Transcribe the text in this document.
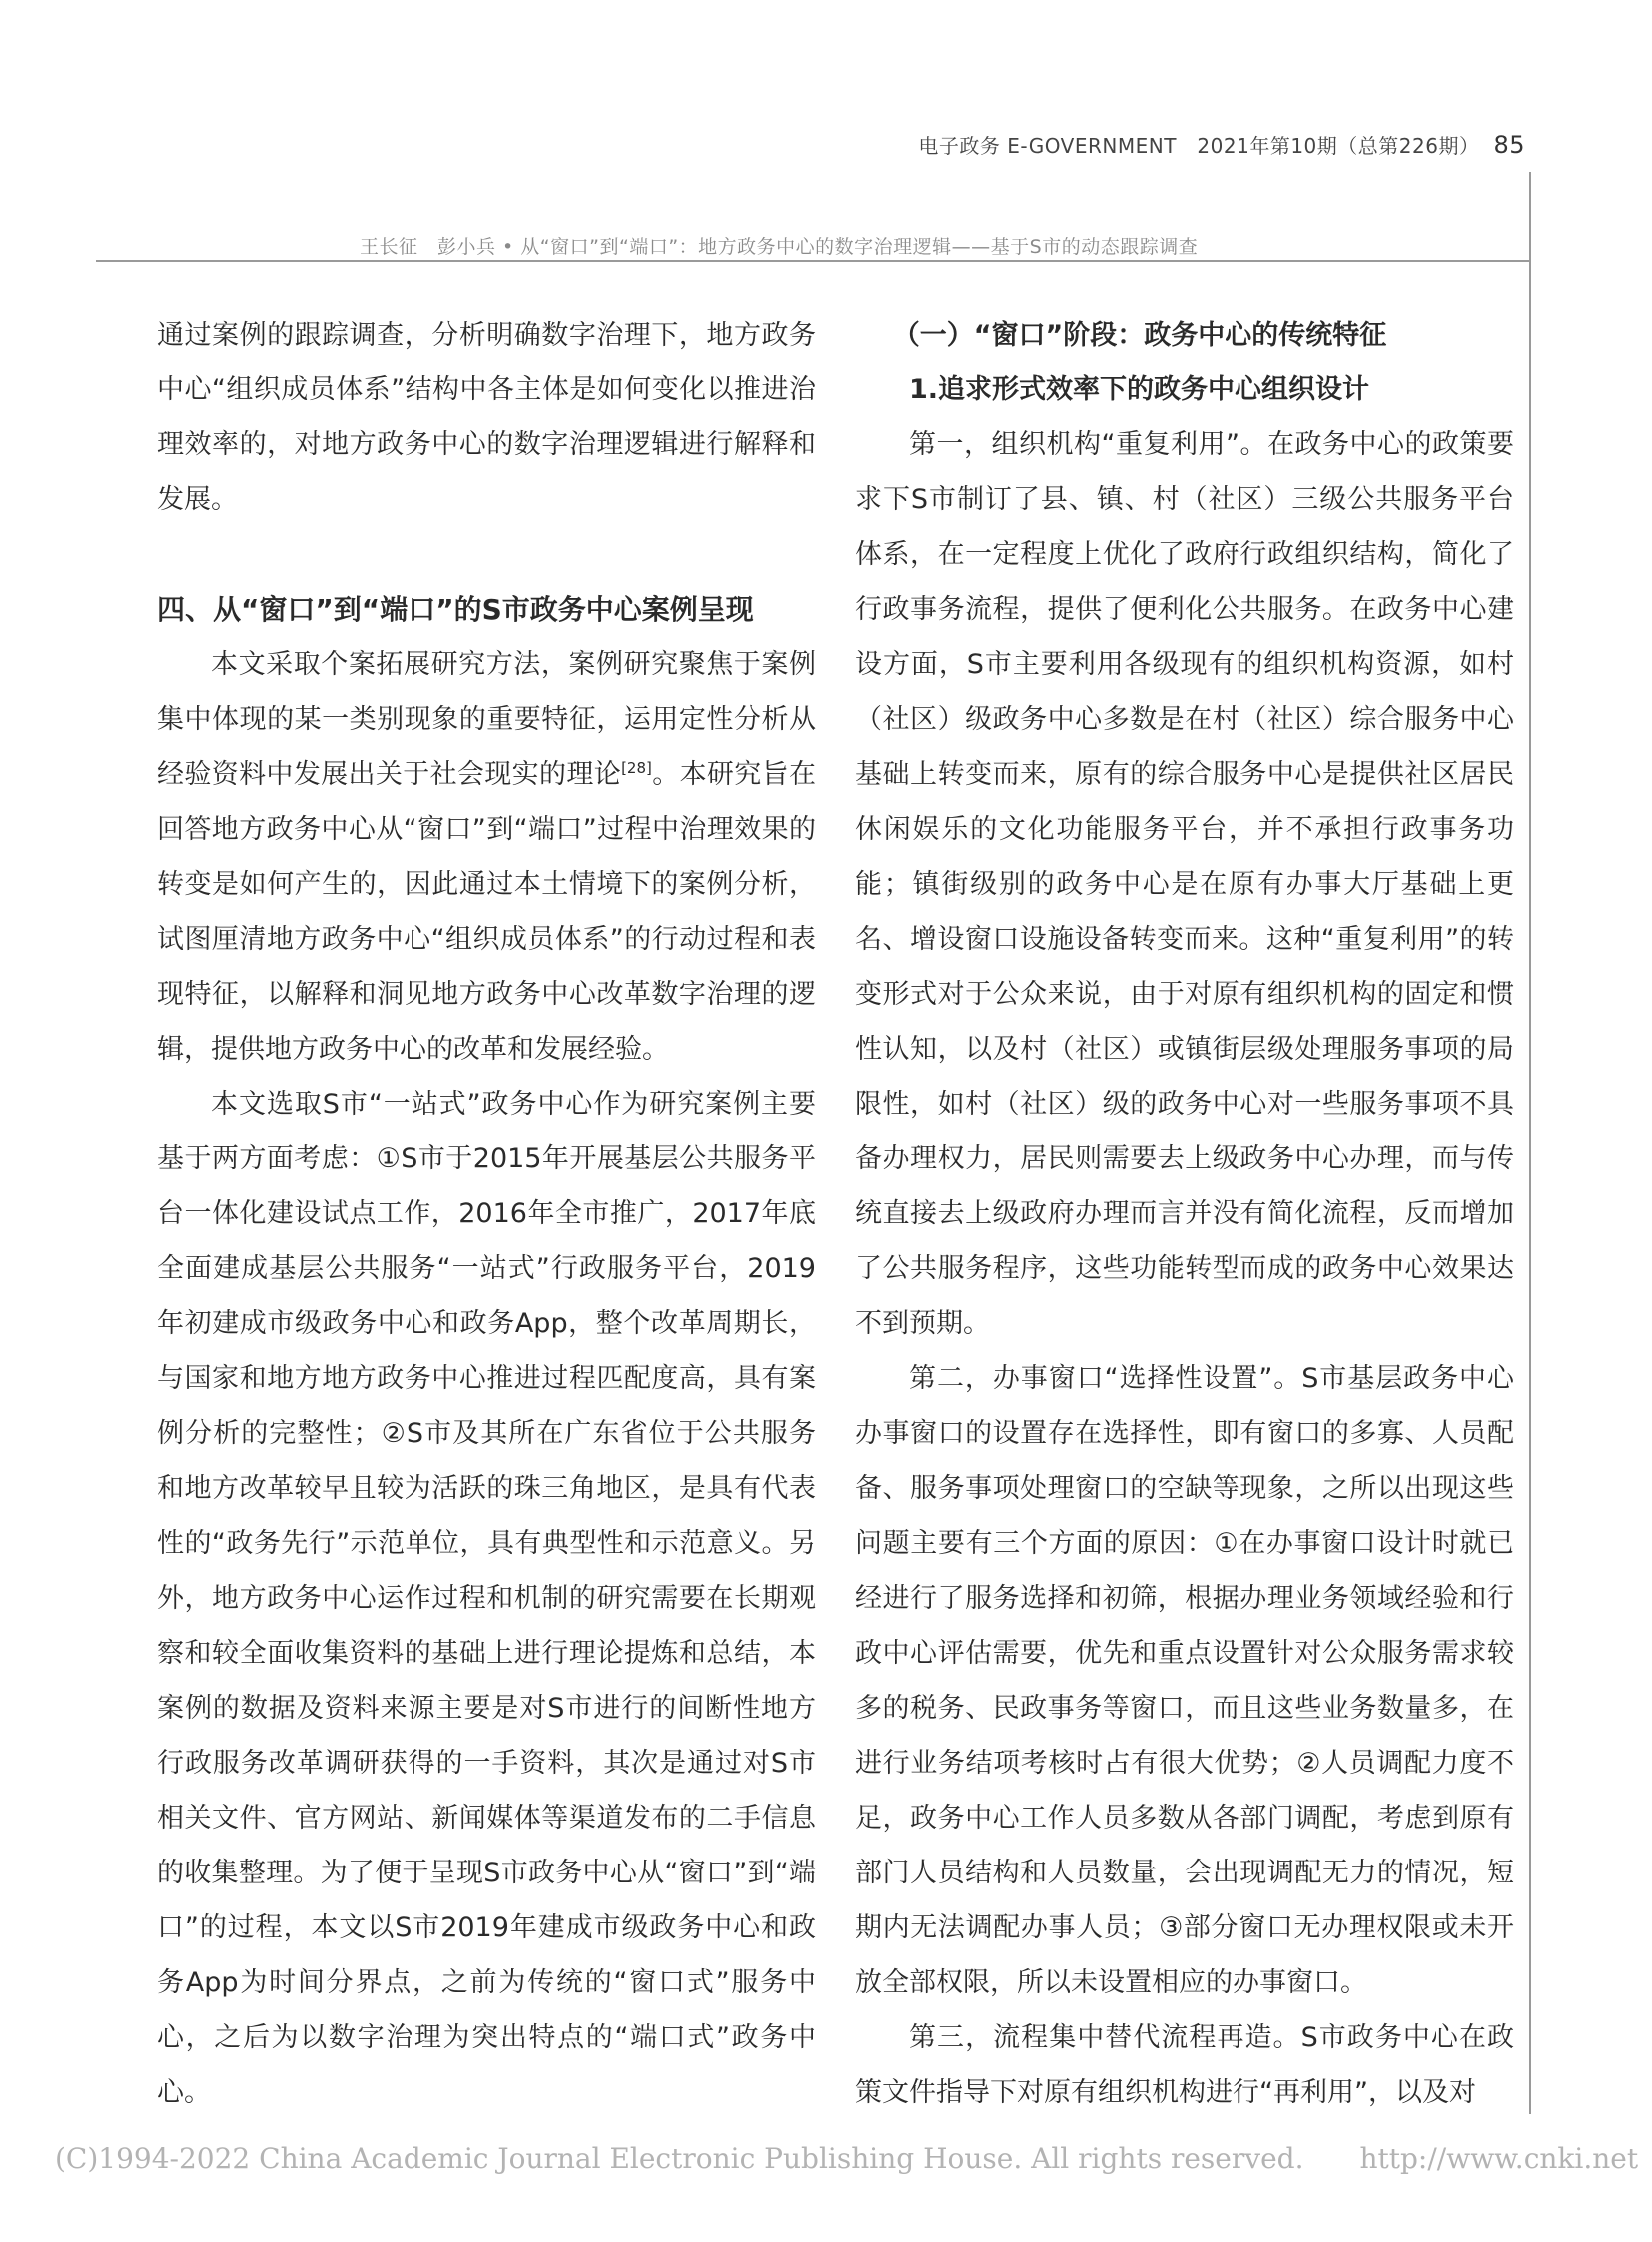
电子政务 E-GOVERNMENT　2021年第10期（总第226期） 85
王长征　彭小兵 • 从“窗口”到“端口”：地方政务中心的数字治理逻辑——基于S市的动态跟踪调查

通过案例的跟踪调查，分析明确数字治理下，地方政务中心“组织成员体系”结构中各主体是如何变化以推进治理效率的，对地方政务中心的数字治理逻辑进行解释和发展。

四、从“窗口”到“端口”的S市政务中心案例呈现

本文采取个案拓展研究方法，案例研究聚焦于案例集中体现的某一类别现象的重要特征，运用定性分析从经验资料中发展出关于社会现实的理论[28]。本研究旨在回答地方政务中心从“窗口”到“端口”过程中治理效果的转变是如何产生的，因此通过本土情境下的案例分析，试图厘清地方政务中心“组织成员体系”的行动过程和表现特征，以解释和洞见地方政务中心改革数字治理的逻辑，提供地方政务中心的改革和发展经验。

本文选取S市“一站式”政务中心作为研究案例主要基于两方面考虑：①S市于2015年开展基层公共服务平台一体化建设试点工作，2016年全市推广，2017年底全面建成基层公共服务“一站式”行政服务平台，2019年初建成市级政务中心和政务App，整个改革周期长，与国家和地方地方政务中心推进过程匹配度高，具有案例分析的完整性；②S市及其所在广东省位于公共服务和地方改革较早且较为活跃的珠三角地区，是具有代表性的“政务先行”示范单位，具有典型性和示范意义。另外，地方政务中心运作过程和机制的研究需要在长期观察和较全面收集资料的基础上进行理论提炼和总结，本案例的数据及资料来源主要是对S市进行的间断性地方行政服务改革调研获得的一手资料，其次是通过对S市相关文件、官方网站、新闻媒体等渠道发布的二手信息的收集整理。为了便于呈现S市政务中心从“窗口”到“端口”的过程，本文以S市2019年建成市级政务中心和政务App为时间分界点，之前为传统的“窗口式”服务中心，之后为以数字治理为突出特点的“端口式”政务中心。

（一）“窗口”阶段：政务中心的传统特征
1.追求形式效率下的政务中心组织设计

第一，组织机构“重复利用”。在政务中心的政策要求下S市制订了县、镇、村（社区）三级公共服务平台体系，在一定程度上优化了政府行政组织结构，简化了行政事务流程，提供了便利化公共服务。在政务中心建设方面，S市主要利用各级现有的组织机构资源，如村（社区）级政务中心多数是在村（社区）综合服务中心基础上转变而来，原有的综合服务中心是提供社区居民休闲娱乐的文化功能服务平台，并不承担行政事务功能；镇街级别的政务中心是在原有办事大厅基础上更名、增设窗口设施设备转变而来。这种“重复利用”的转变形式对于公众来说，由于对原有组织机构的固定和惯性认知，以及村（社区）或镇街层级处理服务事项的局限性，如村（社区）级的政务中心对一些服务事项不具备办理权力，居民则需要去上级政务中心办理，而与传统直接去上级政府办理而言并没有简化流程，反而增加了公共服务程序，这些功能转型而成的政务中心效果达不到预期。

第二，办事窗口“选择性设置”。S市基层政务中心办事窗口的设置存在选择性，即有窗口的多寡、人员配备、服务事项处理窗口的空缺等现象，之所以出现这些问题主要有三个方面的原因：①在办事窗口设计时就已经进行了服务选择和初筛，根据办理业务领域经验和行政中心评估需要，优先和重点设置针对公众服务需求较多的税务、民政事务等窗口，而且这些业务数量多，在进行业务结项考核时占有很大优势；②人员调配力度不足，政务中心工作人员多数从各部门调配，考虑到原有部门人员结构和人员数量，会出现调配无力的情况，短期内无法调配办事人员；③部分窗口无办理权限或未开放全部权限，所以未设置相应的办事窗口。

第三，流程集中替代流程再造。S市政务中心在政策文件指导下对原有组织机构进行“再利用”，以及对

(C)1994-2022 China Academic Journal Electronic Publishing House. All rights reserved.　　http://www.cnki.net
